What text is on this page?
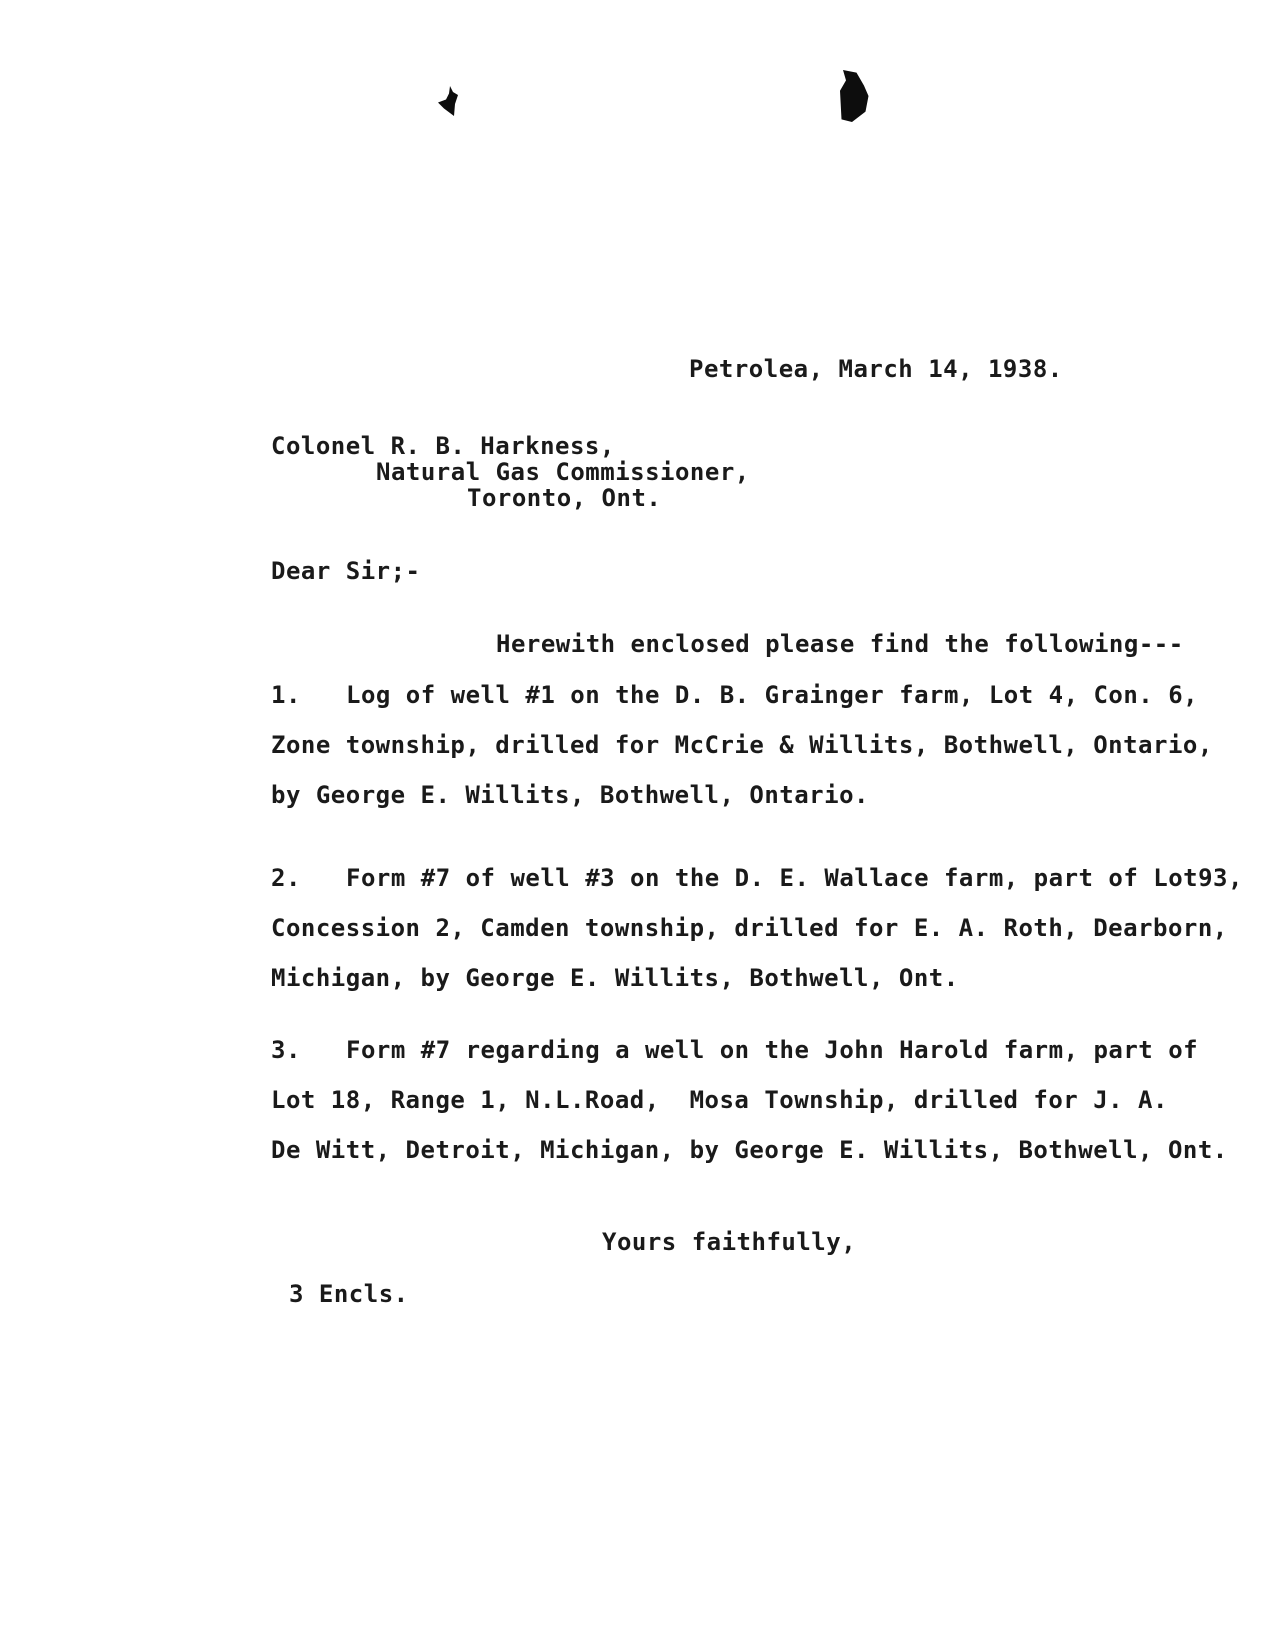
Petrolea, March 14, 1938.
Colonel R. B. Harkness,
Natural Gas Commissioner,
Toronto, Ont.
Dear Sir;-
Herewith enclosed please find the following---
1. Log of well #1 on the D. B. Grainger farm, Lot 4, Con. 6,
Zone township, drilled for McCrie & Willits, Bothwell, Ontario,
by George E. Willits, Bothwell, Ontario.
2. Form #7 of well #3 on the D. E. Wallace farm, part of Lot93,
Concession 2, Camden township, drilled for E. A. Roth, Dearborn,
Michigan, by George E. Willits, Bothwell, Ont.
3. Form #7 regarding a well on the John Harold farm, part of
Lot 18, Range 1, N.L.Road,  Mosa Township, drilled for J. A.
De Witt, Detroit, Michigan, by George E. Willits, Bothwell, Ont.
Yours faithfully,
3 Encls.
